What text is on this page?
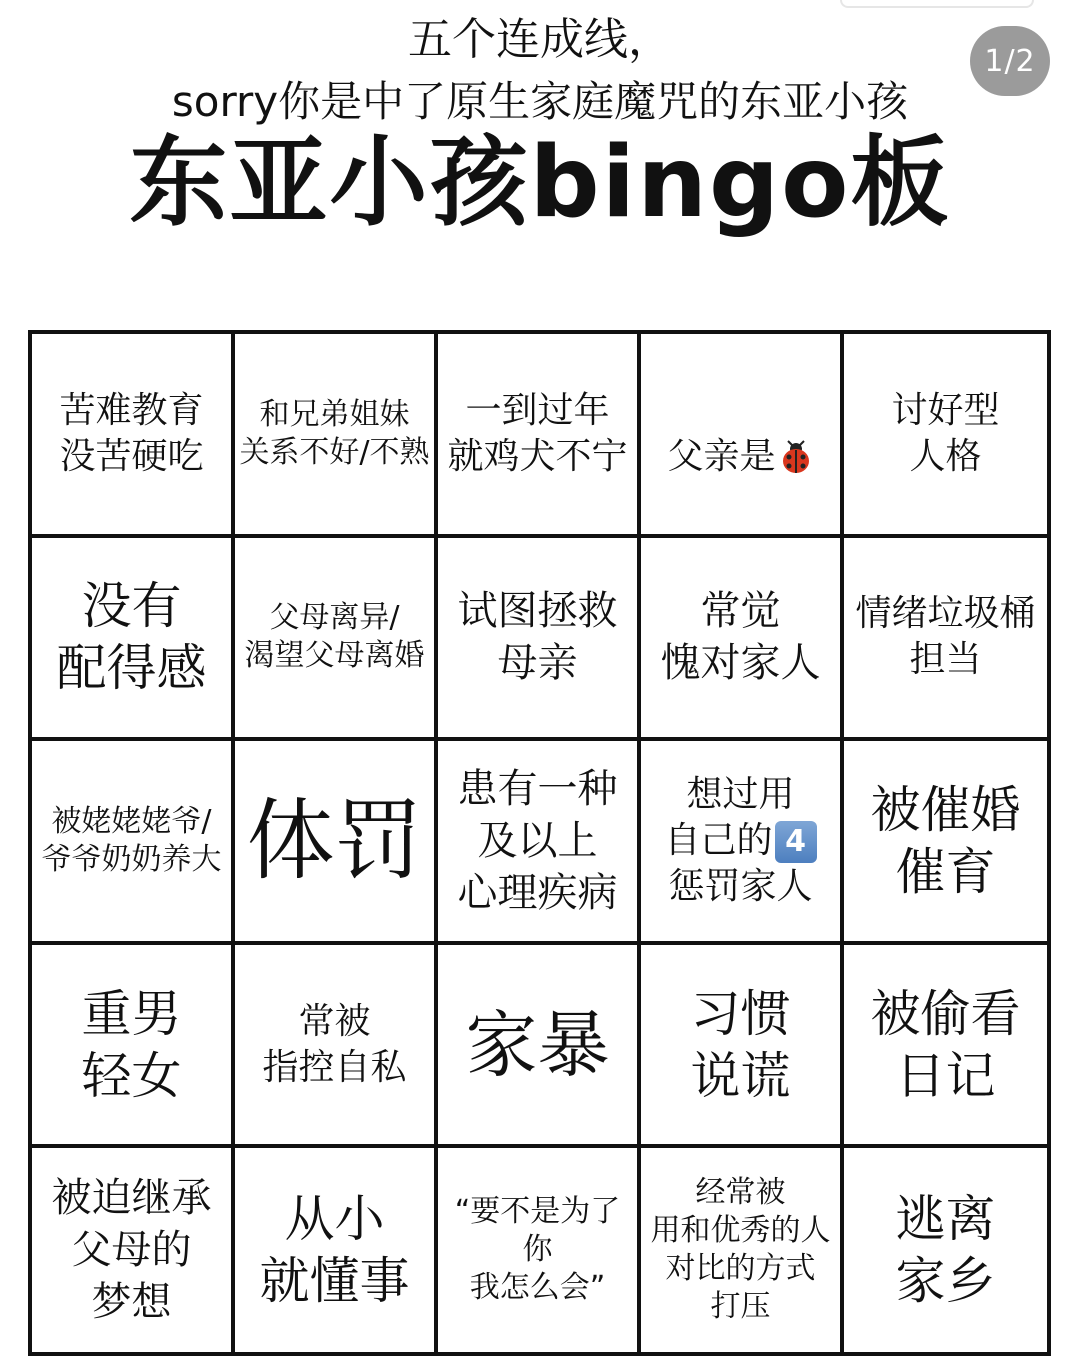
五个连成线，
sorry你是中了原生家庭魔咒的东亚小孩
东亚小孩bingo板
1/2
苦难教育
没苦硬吃
和兄弟姐妹
关系不好/不熟
一到过年
就鸡犬不宁 父亲是

讨好型
人格
没有
配得感
父母离异/
渴望父母离婚
试图拯救
母亲
常觉
愧对家人
情绪垃圾桶
担当
被姥姥姥爷/
爷爷奶奶养大 体罚 患有一种
及以上
心理疾病
想过用
自己的 4
惩罚家人
被催婚
催育
重男
轻女
常被
指控自私 家暴 习惯
说谎
被偷看
日记
被迫继承
父母的
梦想
从小
就懂事
“要不是为了你
我怎么会”
经常被
用和优秀的人
对比的方式
打压
逃离
家乡
